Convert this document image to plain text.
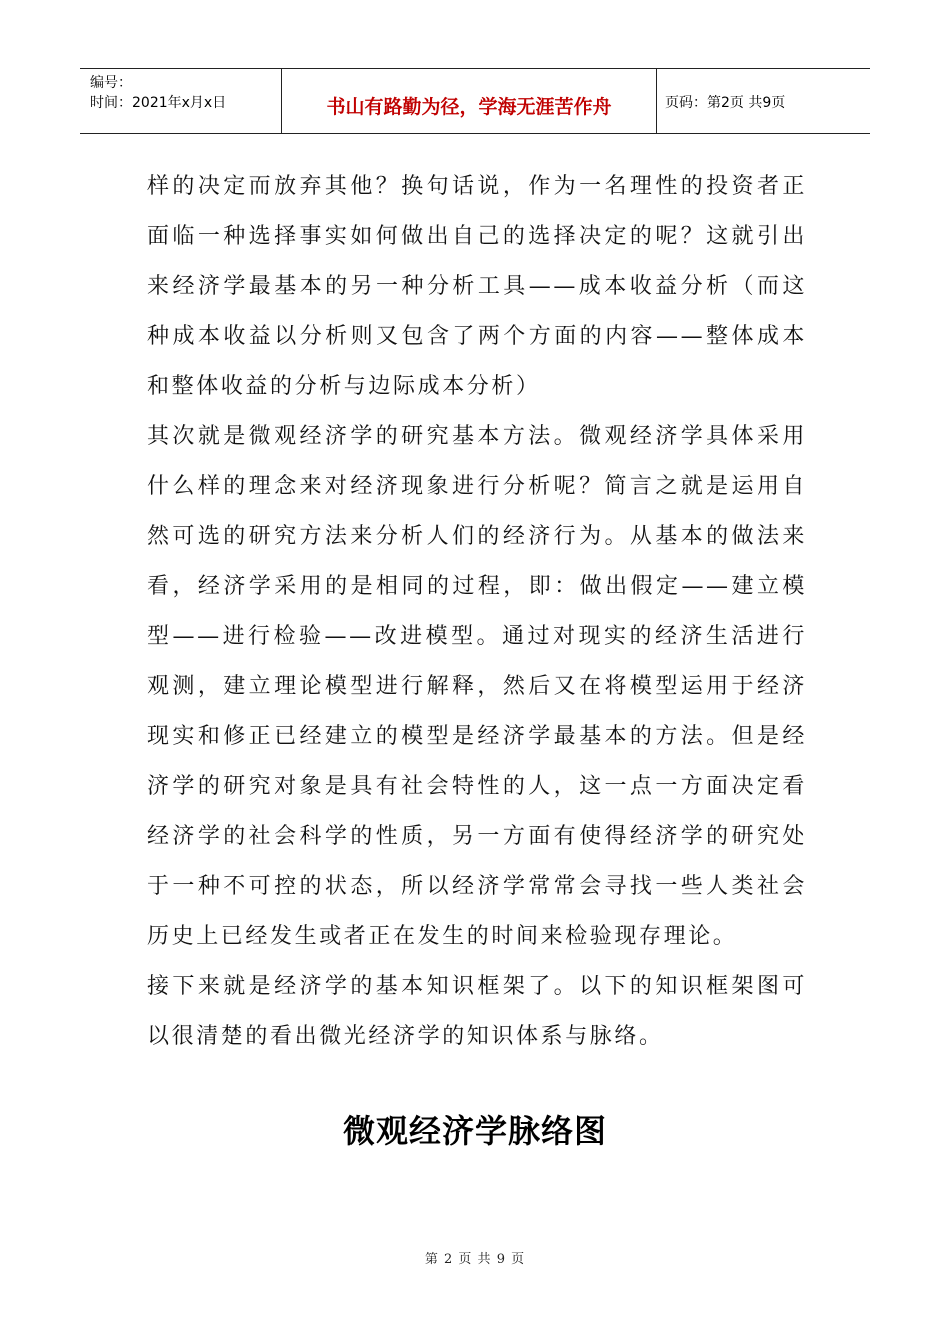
编号：
时间：2021年x月x日	书山有路勤为径，学海无涯苦作舟	页码：第2页 共9页

样的决定而放弃其他？换句话说，作为一名理性的投资者正面临一种选择事实如何做出自己的选择决定的呢？这就引出来经济学最基本的另一种分析工具——成本收益分析（而这种成本收益以分析则又包含了两个方面的内容——整体成本和整体收益的分析与边际成本分析）

其次就是微观经济学的研究基本方法。微观经济学具体采用什么样的理念来对经济现象进行分析呢？简言之就是运用自然可选的研究方法来分析人们的经济行为。从基本的做法来看，经济学采用的是相同的过程，即：做出假定——建立模型——进行检验——改进模型。通过对现实的经济生活进行观测，建立理论模型进行解释，然后又在将模型运用于经济现实和修正已经建立的模型是经济学最基本的方法。但是经济学的研究对象是具有社会特性的人，这一点一方面决定看经济学的社会科学的性质，另一方面有使得经济学的研究处于一种不可控的状态，所以经济学常常会寻找一些人类社会历史上已经发生或者正在发生的时间来检验现存理论。

接下来就是经济学的基本知识框架了。以下的知识框架图可以很清楚的看出微光经济学的知识体系与脉络。

微观经济学脉络图
第 2 页 共 9 页
